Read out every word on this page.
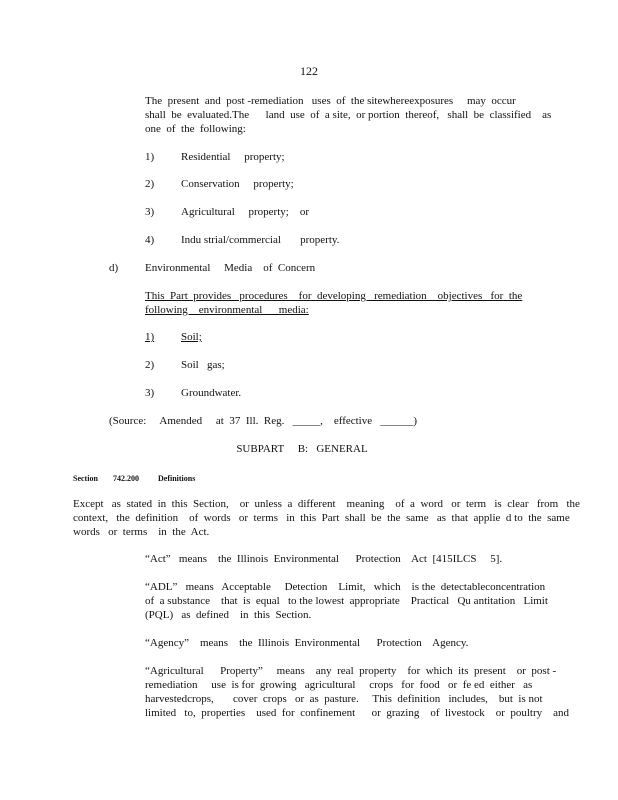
122
The  present  and  post -remediation   uses  of  the sitewhereexposures     may  occur
shall  be  evaluated.The      land  use  of  a site,  or portion  thereof,   shall  be  classified    as
one  of  the  following:
1) Residential     property;
2) Conservation     property;
3) Agricultural     property;    or
4) Indu strial/commercial       property.
d) Environmental     Media    of  Concern
This  Part  provides   procedures    for  developing   remediation    objectives   for  the
following    environmental      media:
1) Soil;
2) Soil   gas;
3) Groundwater.
(Source:     Amended     at  37  Ill.  Reg.   _____,    effective   ______)
SUBPART     B:   GENERAL
Section 742.200 Definitions
Except   as  stated  in  this  Section,    or  unless  a  different    meaning    of  a  word   or  term   is  clear   from   the
context,   the  definition    of  words   or  terms   in  this  Part  shall  be  the  same   as  that  applie  d to  the  same
words   or  terms    in  the  Act.
“Act”   means    the  Illinois  Environmental      Protection    Act  [415ILCS     5].
“ADL”   means   Acceptable     Detection    Limit,   which    is the  detectableconcentration
of  a substance    that  is  equal   to the lowest  appropriate    Practical   Qu antitation   Limit
(PQL)   as  defined    in  this  Section.
“Agency”    means    the  Illinois  Environmental      Protection    Agency.
“Agricultural      Property”     means    any  real  property    for  which  its  present    or  post -
remediation     use  is for  growing   agricultural     crops   for  food   or  fe ed  either   as
harvestedcrops,       cover  crops   or  as  pasture.     This  definition   includes,    but  is not
limited   to,  properties    used  for  confinement      or  grazing    of  livestock    or  poultry    and
